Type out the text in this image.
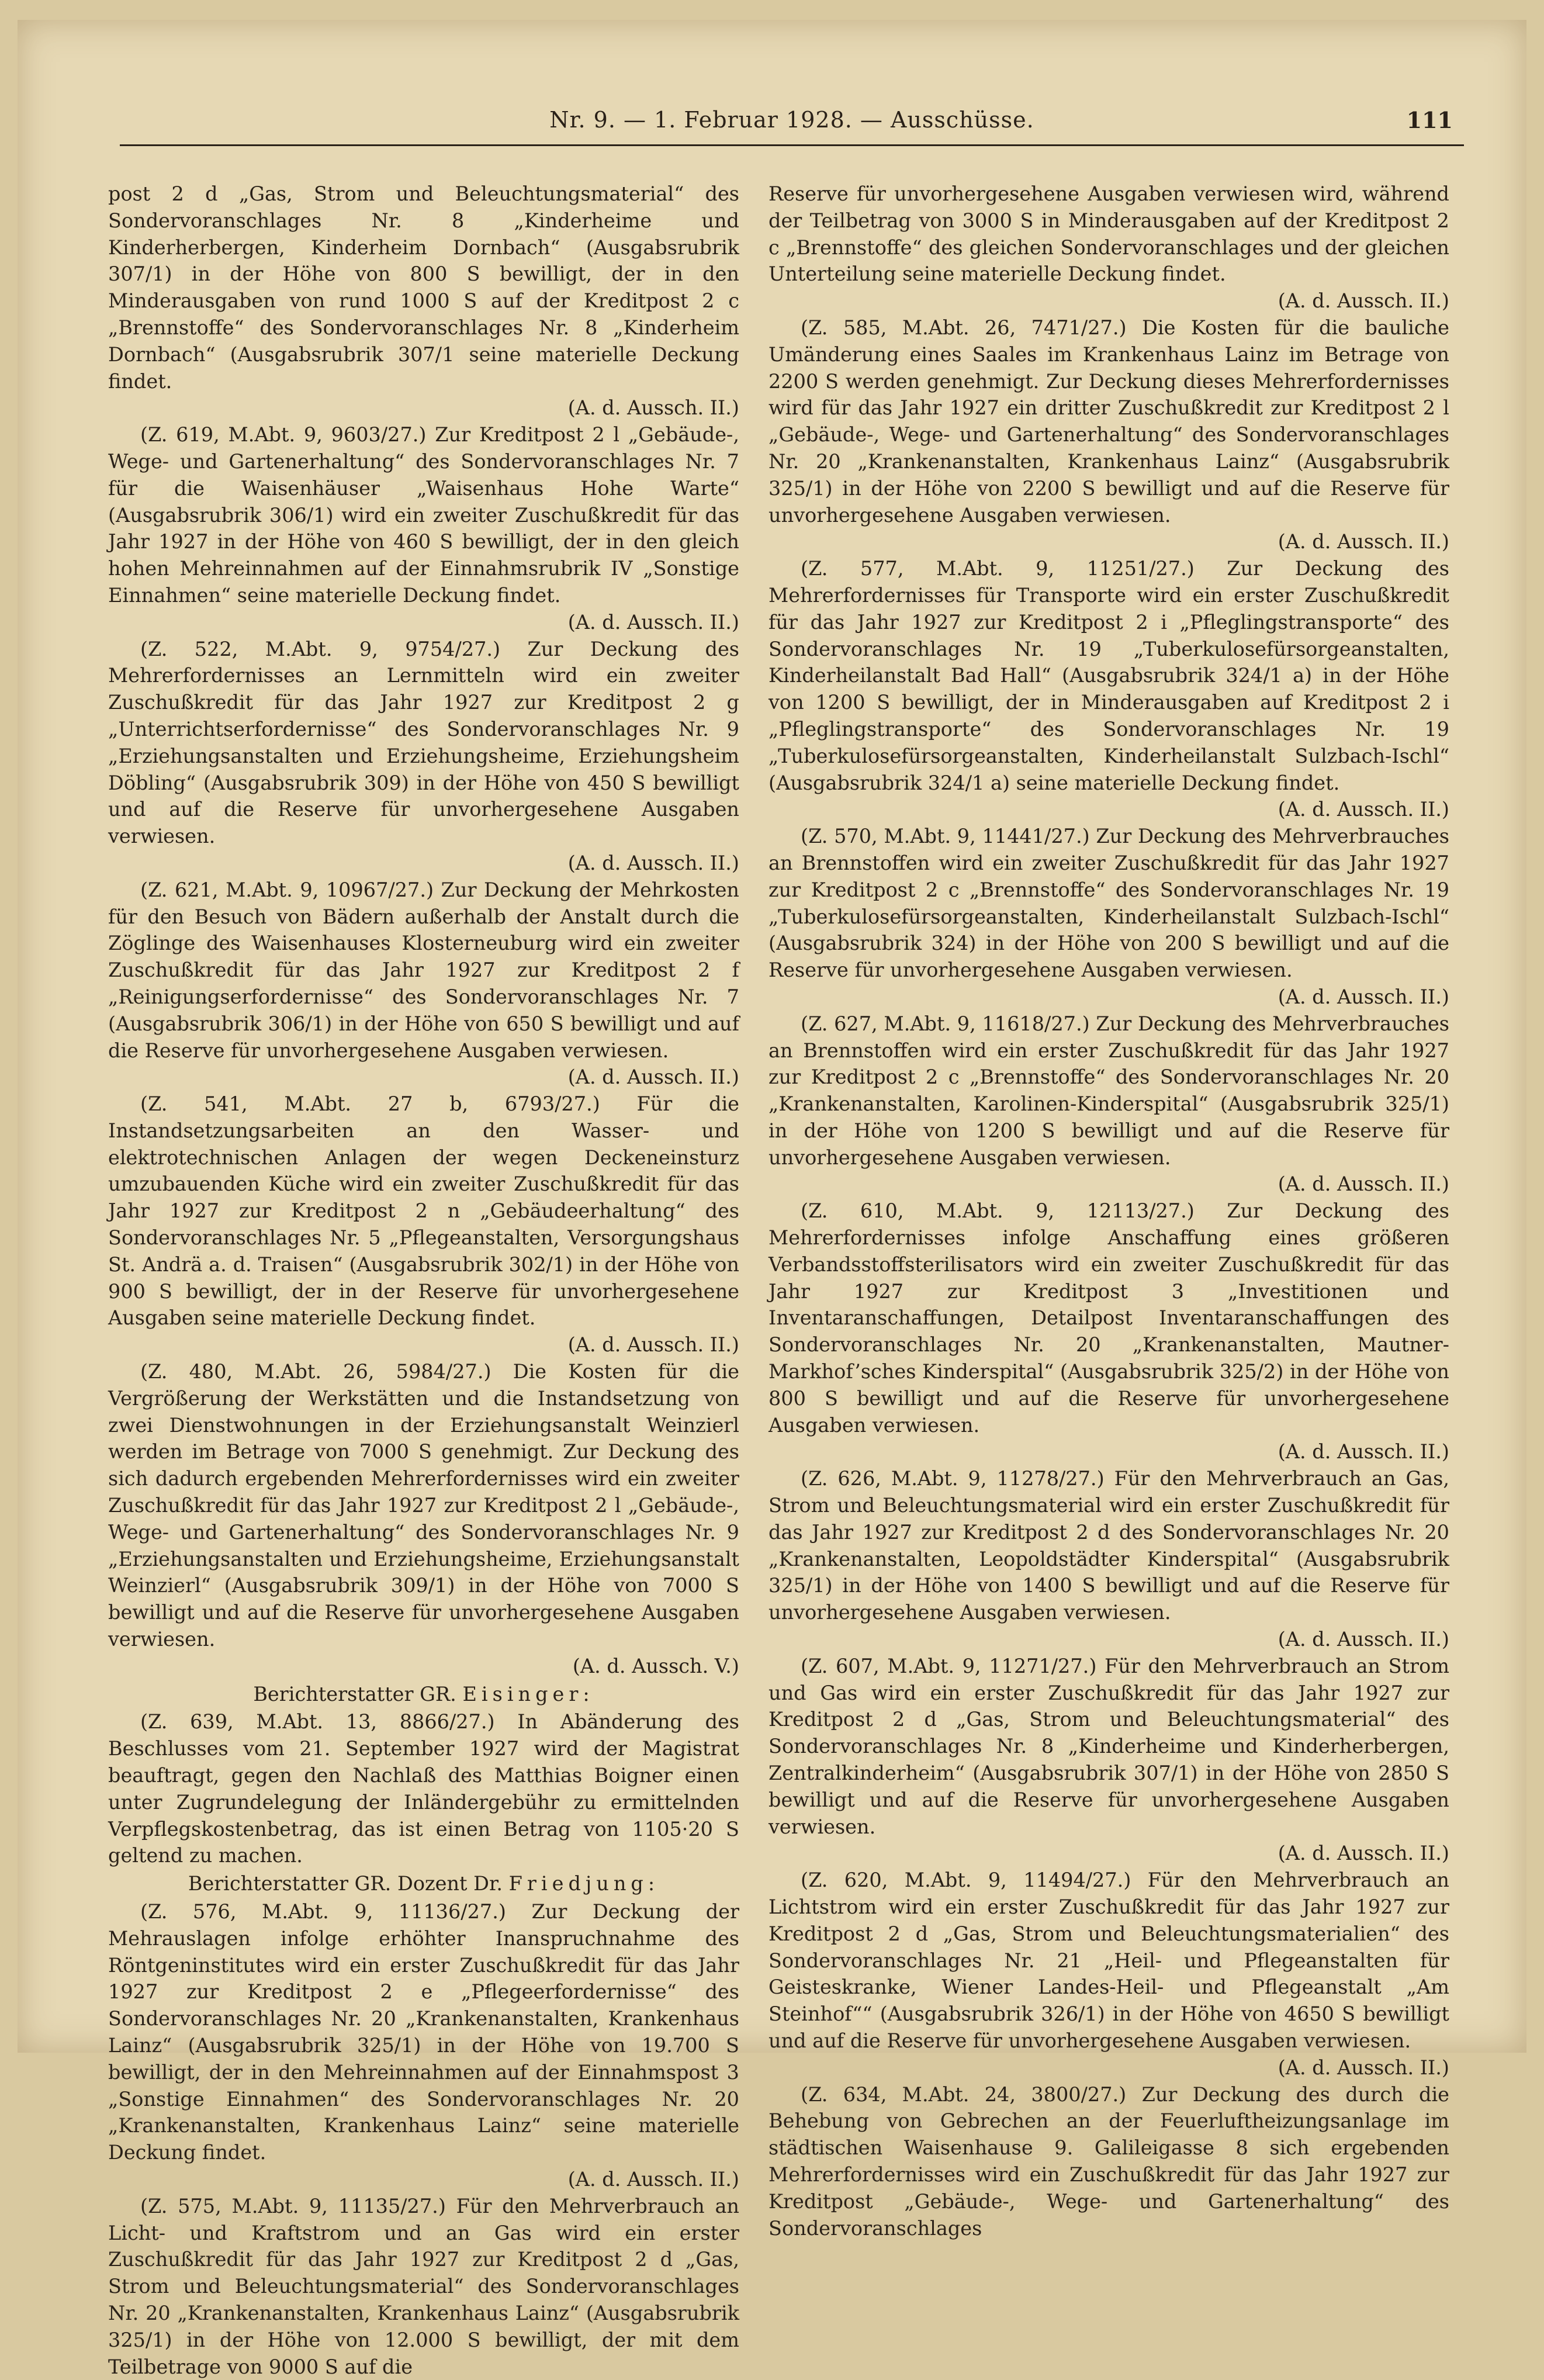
Nr. 9. — 1. Februar 1928. — Ausschüsse.	111

post 2 d „Gas, Strom und Beleuchtungsmaterial“ des Sondervoranschlages Nr. 8 „Kinderheime und Kinderherbergen, Kinderheim Dornbach“ (Ausgabsrubrik 307/1) in der Höhe von 800 S bewilligt, der in den Minderausgaben von rund 1000 S auf der Kreditpost 2 c „Brennstoffe“ des Sondervoranschlages Nr. 8 „Kinderheim Dornbach“ (Ausgabsrubrik 307/1 seine materielle Deckung findet.

(A. d. Aussch. II.)

(Z. 619, M.Abt. 9, 9603/27.) Zur Kreditpost 2 l „Gebäude-, Wege- und Gartenerhaltung“ des Sondervoranschlages Nr. 7 für die Waisenhäuser „Waisenhaus Hohe Warte“ (Ausgabsrubrik 306/1) wird ein zweiter Zuschußkredit für das Jahr 1927 in der Höhe von 460 S bewilligt, der in den gleich hohen Mehreinnahmen auf der Einnahmsrubrik IV „Sonstige Einnahmen“ seine materielle Deckung findet.

(A. d. Aussch. II.)

(Z. 522, M.Abt. 9, 9754/27.) Zur Deckung des Mehrerfordernisses an Lernmitteln wird ein zweiter Zuschußkredit für das Jahr 1927 zur Kreditpost 2 g „Unterrichtserfordernisse“ des Sondervoranschlages Nr. 9 „Erziehungsanstalten und Erziehungsheime, Erziehungsheim Döbling“ (Ausgabsrubrik 309) in der Höhe von 450 S bewilligt und auf die Reserve für unvorhergesehene Ausgaben verwiesen.

(A. d. Aussch. II.)

(Z. 621, M.Abt. 9, 10967/27.) Zur Deckung der Mehrkosten für den Besuch von Bädern außerhalb der Anstalt durch die Zöglinge des Waisenhauses Klosterneuburg wird ein zweiter Zuschußkredit für das Jahr 1927 zur Kreditpost 2 f „Reinigungserfordernisse“ des Sondervoranschlages Nr. 7 (Ausgabsrubrik 306/1) in der Höhe von 650 S bewilligt und auf die Reserve für unvorhergesehene Ausgaben verwiesen.

(A. d. Aussch. II.)

(Z. 541, M.Abt. 27 b, 6793/27.) Für die Instandsetzungsarbeiten an den Wasser- und elektrotechnischen Anlagen der wegen Deckeneinsturz umzubauenden Küche wird ein zweiter Zuschußkredit für das Jahr 1927 zur Kreditpost 2 n „Gebäudeerhaltung“ des Sondervoranschlages Nr. 5 „Pflegeanstalten, Versorgungshaus St. Andrä a. d. Traisen“ (Ausgabsrubrik 302/1) in der Höhe von 900 S bewilligt, der in der Reserve für unvorhergesehene Ausgaben seine materielle Deckung findet.

(A. d. Aussch. II.)

(Z. 480, M.Abt. 26, 5984/27.) Die Kosten für die Vergrößerung der Werkstätten und die Instandsetzung von zwei Dienstwohnungen in der Erziehungsanstalt Weinzierl werden im Betrage von 7000 S genehmigt. Zur Deckung des sich dadurch ergebenden Mehrerfordernisses wird ein zweiter Zuschußkredit für das Jahr 1927 zur Kreditpost 2 l „Gebäude-, Wege- und Gartenerhaltung“ des Sondervoranschlages Nr. 9 „Erziehungsanstalten und Erziehungsheime, Erziehungsanstalt Weinzierl“ (Ausgabsrubrik 309/1) in der Höhe von 7000 S bewilligt und auf die Reserve für unvorhergesehene Ausgaben verwiesen.

(A. d. Aussch. V.)

Berichterstatter GR. Eisinger:

(Z. 639, M.Abt. 13, 8866/27.) In Abänderung des Beschlusses vom 21. September 1927 wird der Magistrat beauftragt, gegen den Nachlaß des Matthias Boigner einen unter Zugrundelegung der Inländergebühr zu ermittelnden Verpflegskostenbetrag, das ist einen Betrag von 1105·20 S geltend zu machen.

Berichterstatter GR. Dozent Dr. Friedjung:

(Z. 576, M.Abt. 9, 11136/27.) Zur Deckung der Mehrauslagen infolge erhöhter Inanspruchnahme des Röntgeninstitutes wird ein erster Zuschußkredit für das Jahr 1927 zur Kreditpost 2 e „Pflegeerfordernisse“ des Sondervoranschlages Nr. 20 „Krankenanstalten, Krankenhaus Lainz“ (Ausgabsrubrik 325/1) in der Höhe von 19.700 S bewilligt, der in den Mehreinnahmen auf der Einnahmspost 3 „Sonstige Einnahmen“ des Sondervoranschlages Nr. 20 „Krankenanstalten, Krankenhaus Lainz“ seine materielle Deckung findet.

(A. d. Aussch. II.)

(Z. 575, M.Abt. 9, 11135/27.) Für den Mehrverbrauch an Licht- und Kraftstrom und an Gas wird ein erster Zuschußkredit für das Jahr 1927 zur Kreditpost 2 d „Gas, Strom und Beleuchtungsmaterial“ des Sondervoranschlages Nr. 20 „Krankenanstalten, Krankenhaus Lainz“ (Ausgabsrubrik 325/1) in der Höhe von 12.000 S bewilligt, der mit dem Teilbetrage von 9000 S auf die

Reserve für unvorhergesehene Ausgaben verwiesen wird, während der Teilbetrag von 3000 S in Minderausgaben auf der Kreditpost 2 c „Brennstoffe“ des gleichen Sondervoranschlages und der gleichen Unterteilung seine materielle Deckung findet.

(A. d. Aussch. II.)

(Z. 585, M.Abt. 26, 7471/27.) Die Kosten für die bauliche Umänderung eines Saales im Krankenhaus Lainz im Betrage von 2200 S werden genehmigt. Zur Deckung dieses Mehrerfordernisses wird für das Jahr 1927 ein dritter Zuschußkredit zur Kreditpost 2 l „Gebäude-, Wege- und Gartenerhaltung“ des Sondervoranschlages Nr. 20 „Krankenanstalten, Krankenhaus Lainz“ (Ausgabsrubrik 325/1) in der Höhe von 2200 S bewilligt und auf die Reserve für unvorhergesehene Ausgaben verwiesen.

(A. d. Aussch. II.)

(Z. 577, M.Abt. 9, 11251/27.) Zur Deckung des Mehrerfordernisses für Transporte wird ein erster Zuschußkredit für das Jahr 1927 zur Kreditpost 2 i „Pfleglingstransporte“ des Sondervoranschlages Nr. 19 „Tuberkulosefürsorgeanstalten, Kinderheilanstalt Bad Hall“ (Ausgabsrubrik 324/1 a) in der Höhe von 1200 S bewilligt, der in Minderausgaben auf Kreditpost 2 i „Pfleglingstransporte“ des Sondervoranschlages Nr. 19 „Tuberkulosefürsorgeanstalten, Kinderheilanstalt Sulzbach-Ischl“ (Ausgabsrubrik 324/1 a) seine materielle Deckung findet.

(A. d. Aussch. II.)

(Z. 570, M.Abt. 9, 11441/27.) Zur Deckung des Mehrverbrauches an Brennstoffen wird ein zweiter Zuschußkredit für das Jahr 1927 zur Kreditpost 2 c „Brennstoffe“ des Sondervoranschlages Nr. 19 „Tuberkulosefürsorgeanstalten, Kinderheilanstalt Sulzbach-Ischl“ (Ausgabsrubrik 324) in der Höhe von 200 S bewilligt und auf die Reserve für unvorhergesehene Ausgaben verwiesen.

(A. d. Aussch. II.)

(Z. 627, M.Abt. 9, 11618/27.) Zur Deckung des Mehrverbrauches an Brennstoffen wird ein erster Zuschußkredit für das Jahr 1927 zur Kreditpost 2 c „Brennstoffe“ des Sondervoranschlages Nr. 20 „Krankenanstalten, Karolinen-Kinderspital“ (Ausgabsrubrik 325/1) in der Höhe von 1200 S bewilligt und auf die Reserve für unvorhergesehene Ausgaben verwiesen.

(A. d. Aussch. II.)

(Z. 610, M.Abt. 9, 12113/27.) Zur Deckung des Mehrerfordernisses infolge Anschaffung eines größeren Verbandsstoffsterilisators wird ein zweiter Zuschußkredit für das Jahr 1927 zur Kreditpost 3 „Investitionen und Inventaranschaffungen, Detailpost Inventaranschaffungen des Sondervoranschlages Nr. 20 „Krankenanstalten, Mautner-Markhof’sches Kinderspital“ (Ausgabsrubrik 325/2) in der Höhe von 800 S bewilligt und auf die Reserve für unvorhergesehene Ausgaben verwiesen.

(A. d. Aussch. II.)

(Z. 626, M.Abt. 9, 11278/27.) Für den Mehrverbrauch an Gas, Strom und Beleuchtungsmaterial wird ein erster Zuschußkredit für das Jahr 1927 zur Kreditpost 2 d des Sondervoranschlages Nr. 20 „Krankenanstalten, Leopoldstädter Kinderspital“ (Ausgabsrubrik 325/1) in der Höhe von 1400 S bewilligt und auf die Reserve für unvorhergesehene Ausgaben verwiesen.

(A. d. Aussch. II.)

(Z. 607, M.Abt. 9, 11271/27.) Für den Mehrverbrauch an Strom und Gas wird ein erster Zuschußkredit für das Jahr 1927 zur Kreditpost 2 d „Gas, Strom und Beleuchtungsmaterial“ des Sondervoranschlages Nr. 8 „Kinderheime und Kinderherbergen, Zentralkinderheim“ (Ausgabsrubrik 307/1) in der Höhe von 2850 S bewilligt und auf die Reserve für unvorhergesehene Ausgaben verwiesen.

(A. d. Aussch. II.)

(Z. 620, M.Abt. 9, 11494/27.) Für den Mehrverbrauch an Lichtstrom wird ein erster Zuschußkredit für das Jahr 1927 zur Kreditpost 2 d „Gas, Strom und Beleuchtungsmaterialien“ des Sondervoranschlages Nr. 21 „Heil- und Pflegeanstalten für Geisteskranke, Wiener Landes-Heil- und Pflegeanstalt „Am Steinhof““ (Ausgabsrubrik 326/1) in der Höhe von 4650 S bewilligt und auf die Reserve für unvorhergesehene Ausgaben verwiesen.

(A. d. Aussch. II.)

(Z. 634, M.Abt. 24, 3800/27.) Zur Deckung des durch die Behebung von Gebrechen an der Feuerluftheizungsanlage im städtischen Waisenhause 9. Galileigasse 8 sich ergebenden Mehrerfordernisses wird ein Zuschußkredit für das Jahr 1927 zur Kreditpost „Gebäude-, Wege- und Gartenerhaltung“ des Sondervoranschlages
